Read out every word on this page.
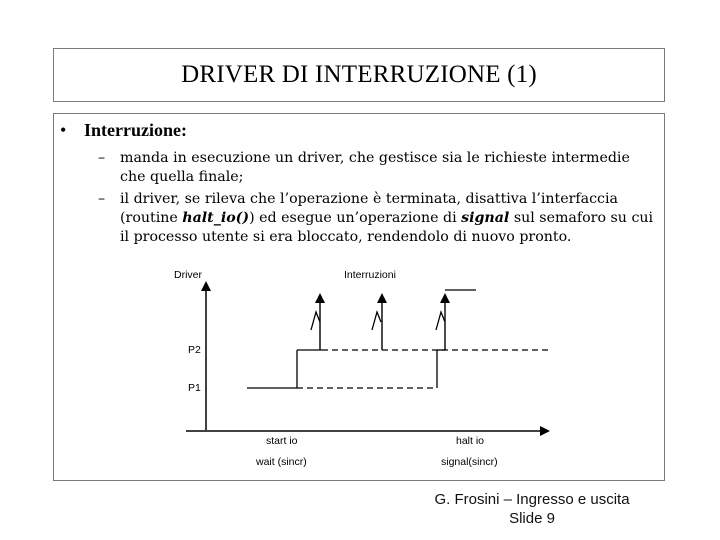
DRIVER DI INTERRUZIONE (1)
• Interruzione:
–	manda in esecuzione un driver, che gestisce sia le richieste intermedie che quella finale;
–	il driver, se rileva che l’operazione è terminata, disattiva l’interfaccia (routine halt_io()) ed esegue un’operazione di signal sul semaforo su cui il processo utente si era bloccato, rendendolo di nuovo pronto.
Driver	Interruzioni
P2
P1
start io
wait (sincr)
halt io
signal(sincr)
G. Frosini – Ingresso e uscita
Slide 9
